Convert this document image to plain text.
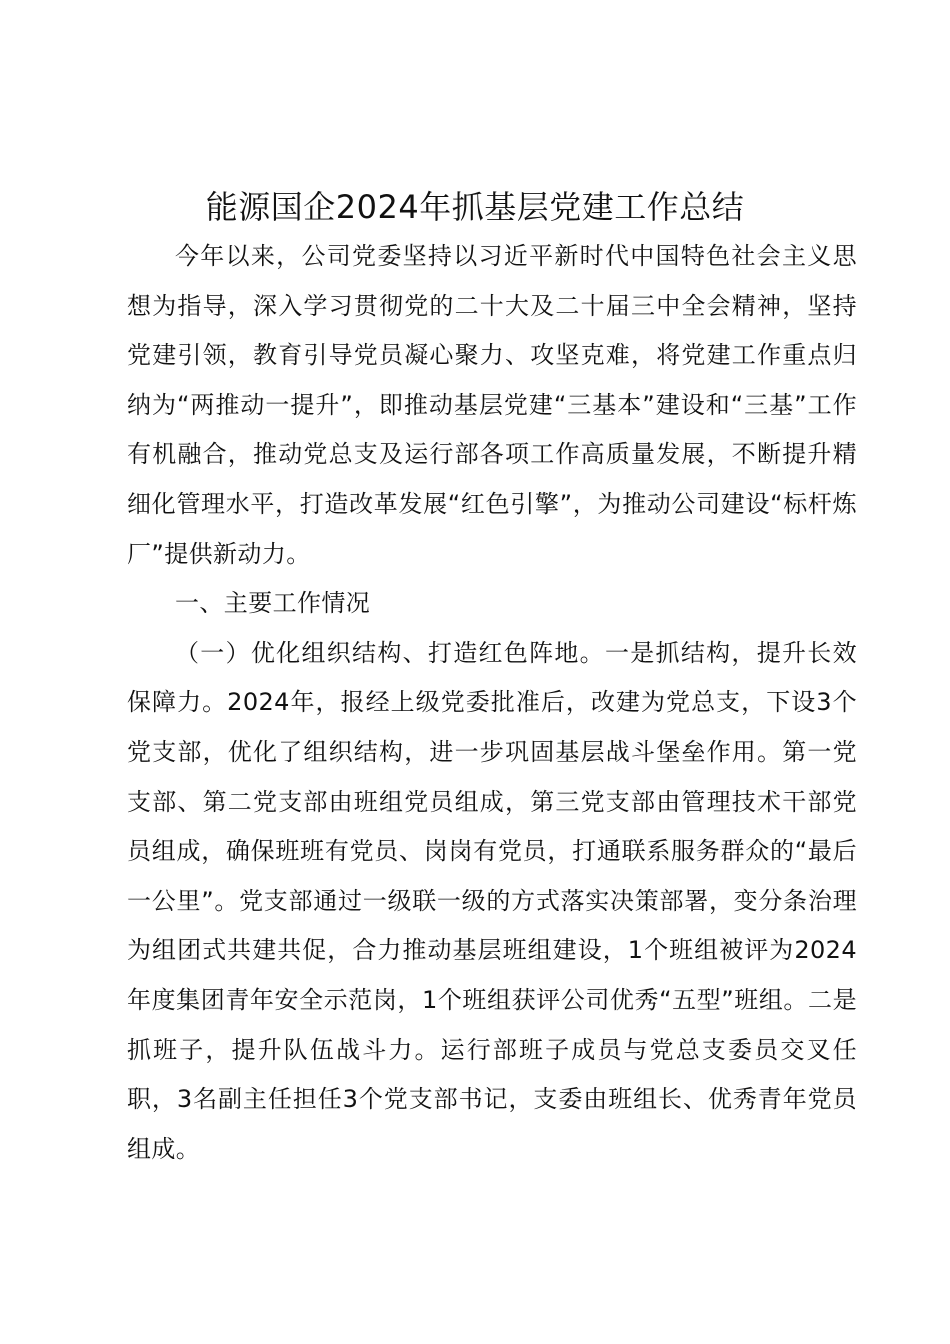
能源国企2024年抓基层党建工作总结

今年以来，公司党委坚持以习近平新时代中国特色社会主义思想为指导，深入学习贯彻党的二十大及二十届三中全会精神，坚持党建引领，教育引导党员凝心聚力、攻坚克难，将党建工作重点归纳为“两推动一提升”，即推动基层党建“三基本”建设和“三基”工作有机融合，推动党总支及运行部各项工作高质量发展，不断提升精细化管理水平，打造改革发展“红色引擎”，为推动公司建设“标杆炼厂”提供新动力。

一、主要工作情况

（一）优化组织结构、打造红色阵地。一是抓结构，提升长效保障力。2024年，报经上级党委批准后，改建为党总支，下设3个党支部，优化了组织结构，进一步巩固基层战斗堡垒作用。第一党支部、第二党支部由班组党员组成，第三党支部由管理技术干部党员组成，确保班班有党员、岗岗有党员，打通联系服务群众的“最后一公里”。党支部通过一级联一级的方式落实决策部署，变分条治理为组团式共建共促，合力推动基层班组建设，1个班组被评为2024年度集团青年安全示范岗，1个班组获评公司优秀“五型”班组。二是抓班子，提升队伍战斗力。运行部班子成员与党总支委员交叉任职，3名副主任担任3个党支部书记，支委由班组长、优秀青年党员组成。
